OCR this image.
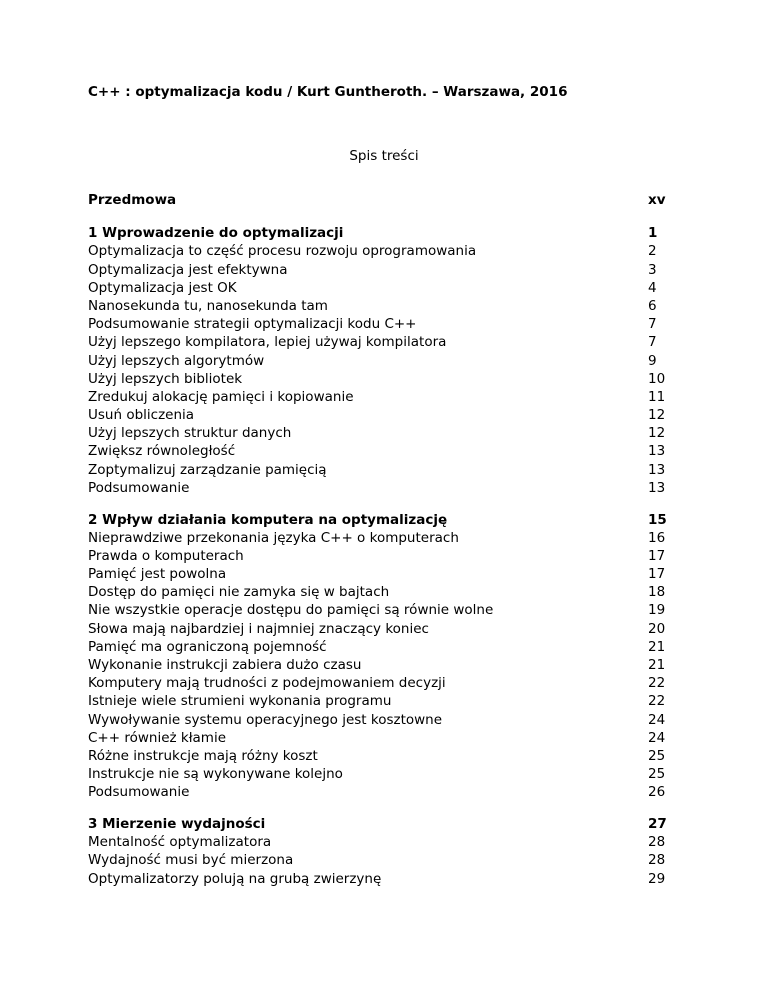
C++ : optymalizacja kodu / Kurt Guntheroth. – Warszawa, 2016

Spis treści
Przedmowa	xv
1 Wprowadzenie do optymalizacji	1
Optymalizacja to część procesu rozwoju oprogramowania	2
Optymalizacja jest efektywna	3
Optymalizacja jest OK	4
Nanosekunda tu, nanosekunda tam	6
Podsumowanie strategii optymalizacji kodu C++	7
Użyj lepszego kompilatora, lepiej używaj kompilatora	7
Użyj lepszych algorytmów	9
Użyj lepszych bibliotek	10
Zredukuj alokację pamięci i kopiowanie	11
Usuń obliczenia	12
Użyj lepszych struktur danych	12
Zwiększ równoległość	13
Zoptymalizuj zarządzanie pamięcią	13
Podsumowanie	13
2 Wpływ działania komputera na optymalizację	15
Nieprawdziwe przekonania języka C++ o komputerach	16
Prawda o komputerach	17
Pamięć jest powolna	17
Dostęp do pamięci nie zamyka się w bajtach	18
Nie wszystkie operacje dostępu do pamięci są równie wolne	19
Słowa mają najbardziej i najmniej znaczący koniec	20
Pamięć ma ograniczoną pojemność	21
Wykonanie instrukcji zabiera dużo czasu	21
Komputery mają trudności z podejmowaniem decyzji	22
Istnieje wiele strumieni wykonania programu	22
Wywoływanie systemu operacyjnego jest kosztowne	24
C++ również kłamie	24
Różne instrukcje mają różny koszt	25
Instrukcje nie są wykonywane kolejno	25
Podsumowanie	26
3 Mierzenie wydajności	27
Mentalność optymalizatora	28
Wydajność musi być mierzona	28
Optymalizatorzy polują na grubą zwierzynę	29
